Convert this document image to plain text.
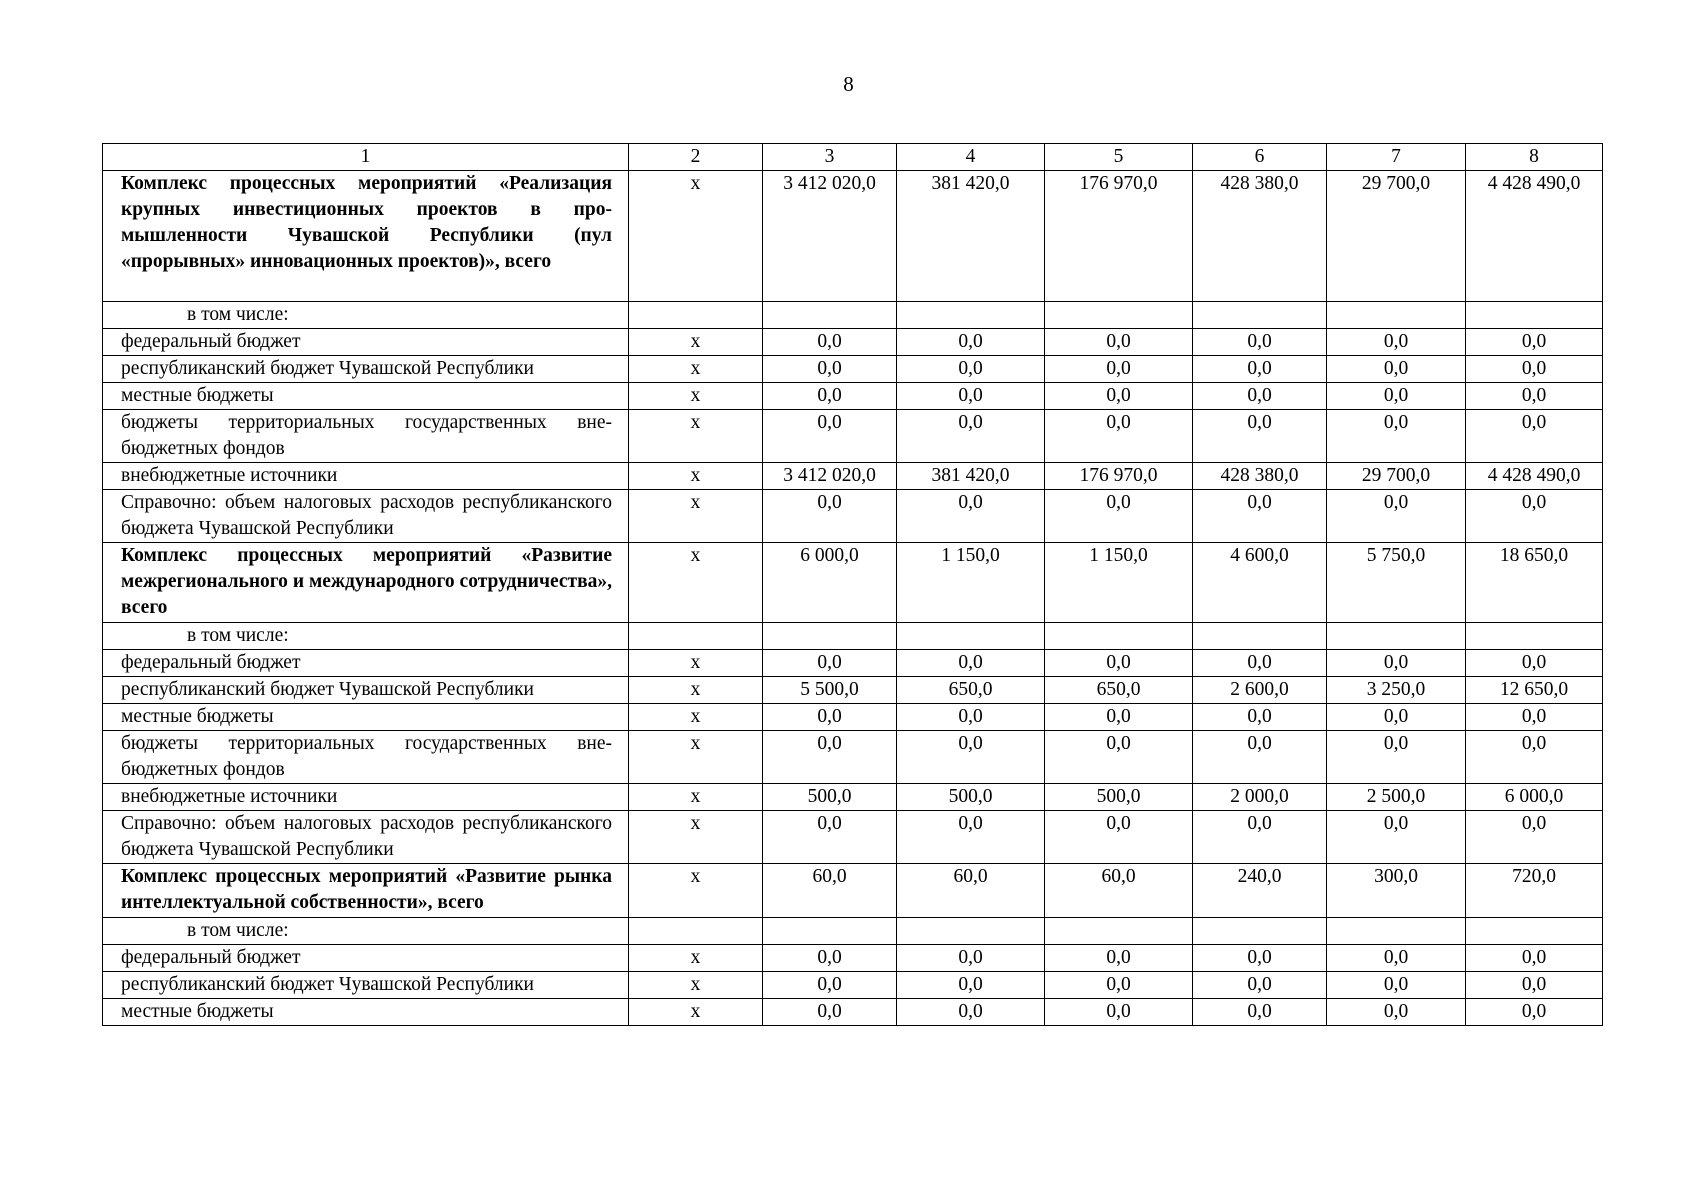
8
1	2	3	4	5	6	7	8
Комплекс процессных мероприятий «Реализация крупных инвестиционных проектов в промышленности Чувашской Республики (пул «прорывных» инновационных проектов)», всего	х	3 412 020,0	381 420,0	176 970,0	428 380,0	29 700,0	4 428 490,0
в том числе:							
федеральный бюджет	х	0,0	0,0	0,0	0,0	0,0	0,0
республиканский бюджет Чувашской Республики	х	0,0	0,0	0,0	0,0	0,0	0,0
местные бюджеты	х	0,0	0,0	0,0	0,0	0,0	0,0
бюджеты территориальных государственных внебюджетных фондов	х	0,0	0,0	0,0	0,0	0,0	0,0
внебюджетные источники	х	3 412 020,0	381 420,0	176 970,0	428 380,0	29 700,0	4 428 490,0
Справочно: объем налоговых расходов республиканского бюджета Чувашской Республики	х	0,0	0,0	0,0	0,0	0,0	0,0
Комплекс процессных мероприятий «Развитие межрегионального и международного сотрудничества», всего	х	6 000,0	1 150,0	1 150,0	4 600,0	5 750,0	18 650,0
в том числе:							
федеральный бюджет	х	0,0	0,0	0,0	0,0	0,0	0,0
республиканский бюджет Чувашской Республики	х	5 500,0	650,0	650,0	2 600,0	3 250,0	12 650,0
местные бюджеты	х	0,0	0,0	0,0	0,0	0,0	0,0
бюджеты территориальных государственных внебюджетных фондов	х	0,0	0,0	0,0	0,0	0,0	0,0
внебюджетные источники	х	500,0	500,0	500,0	2 000,0	2 500,0	6 000,0
Справочно: объем налоговых расходов республиканского бюджета Чувашской Республики	х	0,0	0,0	0,0	0,0	0,0	0,0
Комплекс процессных мероприятий «Развитие рынка интеллектуальной собственности», всего	х	60,0	60,0	60,0	240,0	300,0	720,0
в том числе:							
федеральный бюджет	х	0,0	0,0	0,0	0,0	0,0	0,0
республиканский бюджет Чувашской Республики	х	0,0	0,0	0,0	0,0	0,0	0,0
местные бюджеты	х	0,0	0,0	0,0	0,0	0,0	0,0
